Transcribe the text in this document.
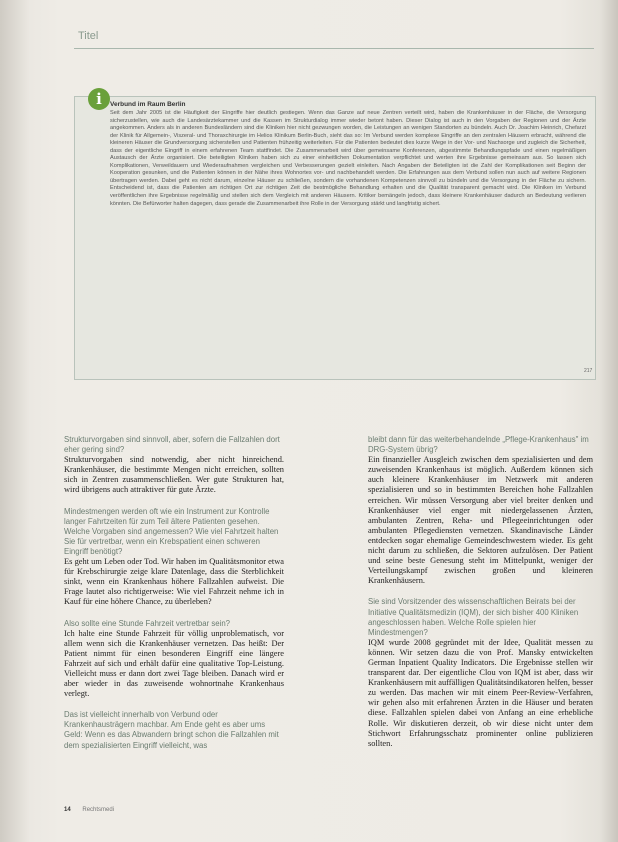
Titel
i	Verbund im Raum Berlin
Seit dem Jahr 2005 ist die Häufigkeit der Eingriffe hier deutlich gestiegen. Wenn das Ganze auf neue Zentren verteilt wird, haben die Krankenhäuser in der Fläche, die Versorgung sicherzustellen, wie auch die Landesärztekammer und die Kassen im Strukturdialog immer wieder betont haben. Dieser Dialog ist auch in den Vorgaben der Regionen und der Ärzte angekommen. Anders als in anderen Bundesländern sind die Kliniken hier nicht gezwungen worden, die Leistungen an wenigen Standorten zu bündeln. Auch Dr. Joachim Heinrich, Chefarzt der Klinik für Allgemein-, Viszeral- und Thoraxchirurgie im Helios Klinikum Berlin-Buch, sieht das so: Im Verbund werden komplexe Eingriffe an den zentralen Häusern erbracht, während die kleineren Häuser die Grundversorgung sicherstellen und Patienten frühzeitig weiterleiten. Für die Patienten bedeutet dies kurze Wege in der Vor- und Nachsorge und zugleich die Sicherheit, dass der eigentliche Eingriff in einem erfahrenen Team stattfindet. Die Zusammenarbeit wird über gemeinsame Konferenzen, abgestimmte Behandlungspfade und einen regelmäßigen Austausch der Ärzte organisiert. Die beteiligten Kliniken haben sich zu einer einheitlichen Dokumentation verpflichtet und werten ihre Ergebnisse gemeinsam aus. So lassen sich Komplikationen, Verweildauern und Wiederaufnahmen vergleichen und Verbesserungen gezielt einleiten. Nach Angaben der Beteiligten ist die Zahl der Komplikationen seit Beginn der Kooperation gesunken, und die Patienten können in der Nähe ihres Wohnortes vor- und nachbehandelt werden. Die Erfahrungen aus dem Verbund sollen nun auch auf weitere Regionen übertragen werden. Dabei geht es nicht darum, einzelne Häuser zu schließen, sondern die vorhandenen Kompetenzen sinnvoll zu bündeln und die Versorgung in der Fläche zu sichern. Entscheidend ist, dass die Patienten am richtigen Ort zur richtigen Zeit die bestmögliche Behandlung erhalten und die Qualität transparent gemacht wird. Die Kliniken im Verbund veröffentlichen ihre Ergebnisse regelmäßig und stellen sich dem Vergleich mit anderen Häusern. Kritiker bemängeln jedoch, dass kleinere Krankenhäuser dadurch an Bedeutung verlieren könnten. Die Befürworter halten dagegen, dass gerade die Zusammenarbeit ihre Rolle in der Versorgung stärkt und langfristig sichert.
217

Strukturvorgaben sind sinnvoll, aber, sofern die Fallzahlen dort eher gering sind?

Strukturvorgaben sind notwendig, aber nicht hinreichend. Krankenhäuser, die bestimmte Mengen nicht erreichen, sollten sich in Zentren zusammenschließen. Wer gute Strukturen hat, wird übrigens auch attraktiver für gute Ärzte.

Mindestmengen werden oft wie ein Instrument zur Kontrolle langer Fahrtzeiten für zum Teil ältere Patienten gesehen. Welche Vorgaben sind angemessen? Wie viel Fahrtzeit halten Sie für vertretbar, wenn ein Krebspatient einen schweren Eingriff benötigt?

Es geht um Leben oder Tod. Wir haben im Qualitätsmonitor etwa für Krebschirurgie zeige klare Datenlage, dass die Sterblichkeit sinkt, wenn ein Krankenhaus höhere Fallzahlen aufweist. Die Frage lautet also richtigerweise: Wie viel Fahrzeit nehme ich in Kauf für eine höhere Chance, zu überleben?

Also sollte eine Stunde Fahrzeit vertretbar sein?

Ich halte eine Stunde Fahrzeit für völlig unproblematisch, vor allem wenn sich die Krankenhäuser vernetzen. Das heißt: Der Patient nimmt für einen besonderen Eingriff eine längere Fahrzeit auf sich und erhält dafür eine qualitative Top-Leistung. Vielleicht muss er dann dort zwei Tage bleiben. Danach wird er aber wieder in das zuweisende wohnortnahe Krankenhaus verlegt.

Das ist vielleicht innerhalb von Verbund oder Krankenhausträgern machbar. Am Ende geht es aber ums Geld: Wenn es das Abwandern bringt schon die Fallzahlen mit dem spezialisierten Eingriff vielleicht, was

bleibt dann für das weiterbehandelnde „Pflege-Krankenhaus" im DRG-System übrig?

Ein finanzieller Ausgleich zwischen dem spezialisierten und dem zuweisenden Krankenhaus ist möglich. Außerdem können sich auch kleinere Krankenhäuser im Netzwerk mit anderen spezialisieren und so in bestimmten Bereichen hohe Fallzahlen erreichen. Wir müssen Versorgung aber viel breiter denken und Krankenhäuser viel enger mit niedergelassenen Ärzten, ambulanten Zentren, Reha- und Pflegeeinrichtungen oder ambulanten Pflegediensten vernetzen. Skandinavische Länder entdecken sogar ehemalige Gemeindeschwestern wieder. Es geht nicht darum zu schließen, die Sektoren aufzulösen. Der Patient und seine beste Genesung steht im Mittelpunkt, weniger der Verteilungskampf zwischen großen und kleineren Krankenhäusern.

Sie sind Vorsitzender des wissenschaftlichen Beirats bei der Initiative Qualitätsmedizin (IQM), der sich bisher 400 Kliniken angeschlossen haben. Welche Rolle spielen hier Mindestmengen?

IQM wurde 2008 gegründet mit der Idee, Qualität messen zu können. Wir setzen dazu die von Prof. Mansky entwickelten German Inpatient Quality Indicators. Die Ergebnisse stellen wir transparent dar. Der eigentliche Clou von IQM ist aber, dass wir Krankenhäusern mit auffälligen Qualitätsindikatoren helfen, besser zu werden. Das machen wir mit einem Peer-Review-Verfahren, wir gehen also mit erfahrenen Ärzten in die Häuser und beraten diese. Fallzahlen spielen dabei von Anfang an eine erhebliche Rolle. Wir diskutieren derzeit, ob wir diese nicht unter dem Stichwort Erfahrungsschatz prominenter online publizieren sollten.

14 Rechtsmedi
